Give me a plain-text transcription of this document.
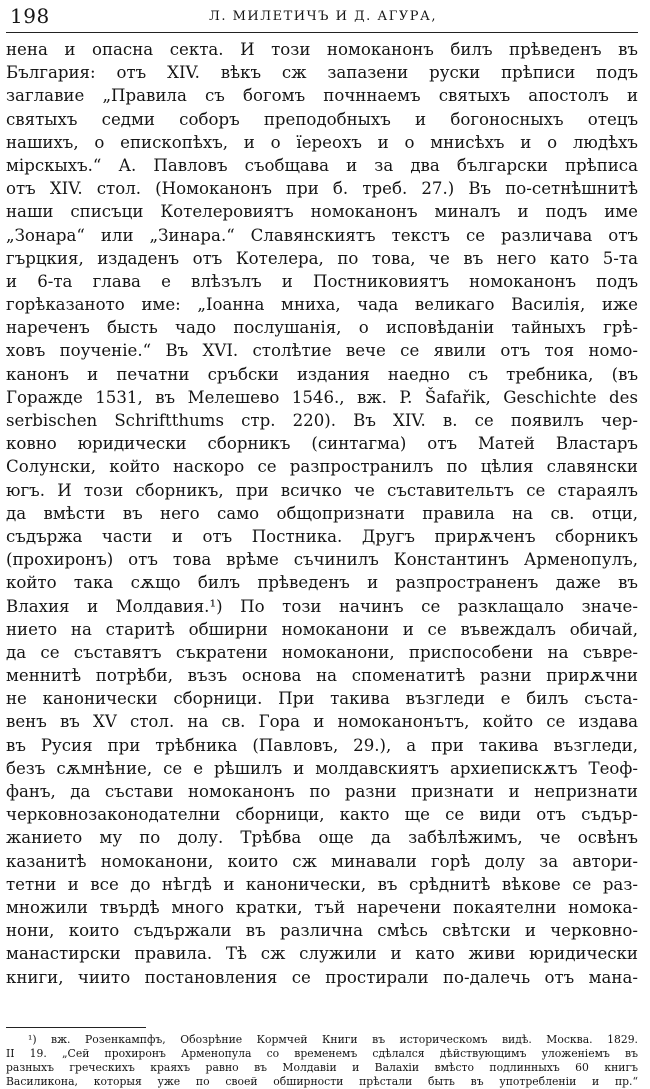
198	Л. МИЛЕТИЧЪ И Д. АГУРА,
нена и опасна секта. И този номоканонъ билъ прѣведенъ въ
България: отъ XIV. вѣкъ сж запазени руски прѣписи подъ
заглавие „Правила съ богомъ почннаемъ святыхъ апостолъ и
святыхъ седми соборъ преподобныхъ и богоносныхъ отецъ
нашихъ, о епископѣхъ, и о їереохъ и о мнисѣхъ и о людѣхъ
мірскыхъ.“ А. Павловъ съобщава и за два български прѣписа
отъ XIV. стол. (Номоканонъ при б. треб. 27.) Въ по-сетнѣшнитѣ
наши списъци Котелеровиятъ номоканонъ миналъ и подъ име
„Зонара“ или „Зинара.“ Славянскиятъ текстъ се различава отъ
гърцкия, издаденъ отъ Котелера, по това, че въ него като 5-та
и 6-та глава е влѣзълъ и Постниковиятъ номоканонъ подъ
горѣказаното име: „Іоанна мниха, чада великаго Василія, иже
нареченъ бысть чадо послушанія, о исповѣданіи тайныхъ грѣ-
ховъ поученіе.“ Въ XVI. столѣтие вече се явили отъ тоя номо-
канонъ и печатни сръбски издания наедно съ требника, (въ
Горажде 1531, въ Мелешево 1546., вж. P. Šafařik, Geschichte des
serbischen Schriftthums стр. 220). Въ XIV. в. се появилъ чер-
ковно юридически сборникъ (синтагма) отъ Матей Властаръ
Солунски, който наскоро се разпространилъ по цѣлия славянски
югъ. И този сборникъ, при всичко че съставительтъ се стараялъ
да вмѣсти въ него само общопризнати правила на св. отци,
съдържа части и отъ Постника. Другъ прирѫченъ сборникъ
(прохиронъ) отъ това врѣме съчинилъ Константинъ Арменопулъ,
който така сѫщо билъ прѣведенъ и разпространенъ даже въ
Влахия и Молдавия.¹) По този начинъ се разклащало значе-
нието на старитѣ обширни номоканони и се въвеждалъ обичай,
да се съставятъ съкратени номоканони, приспособени на съвре-
меннитѣ потрѣби, възъ основа на споменатитѣ разни прирѫчни
не канонически сборници. При такива възгледи е билъ състa-
венъ въ XV стол. на св. Гора и номоканонътъ, който се издава
въ Русия при трѣбника (Павловъ, 29.), а при такива възгледи,
безъ сѫмнѣние, се е рѣшилъ и молдавскиятъ архиепискѫтъ Теоф-
фанъ, да състави номоканонъ по разни признати и непризнати
черковнозаконодателни сборници, както ще се види отъ съдър-
жанието му по долу. Трѣбва още да забѣлѣжимъ, че освѣнъ
казанитѣ номоканони, които сж минавали горѣ долу за автори-
тетни и все до нѣгдѣ и канонически, въ срѣднитѣ вѣкове се раз-
множили твърдѣ много кратки, тъй наречени покаятелни номока-
нони, които съдържали въ различна смѣсь свѣтски и черковно-
манастирски правила. Тѣ сж служили и като живи юридически
книги, чиито постановления се простирали по-далечь отъ мана-
¹) вж. Розенкампфъ, Обозрѣние Кормчей Книги въ историческомъ видѣ. Москва. 1829.
II 19. „Сей прохиронъ Арменопула со временемъ сдѣлался дѣйствующимъ уложеніемъ въ
разныхъ греческихъ краяхъ равно въ Молдавіи и Валахіи вмѣсто подлинныхъ 60 книгъ
Василикона, которыя уже по своей обширности прѣстали быть въ употребленіи и пр.“
